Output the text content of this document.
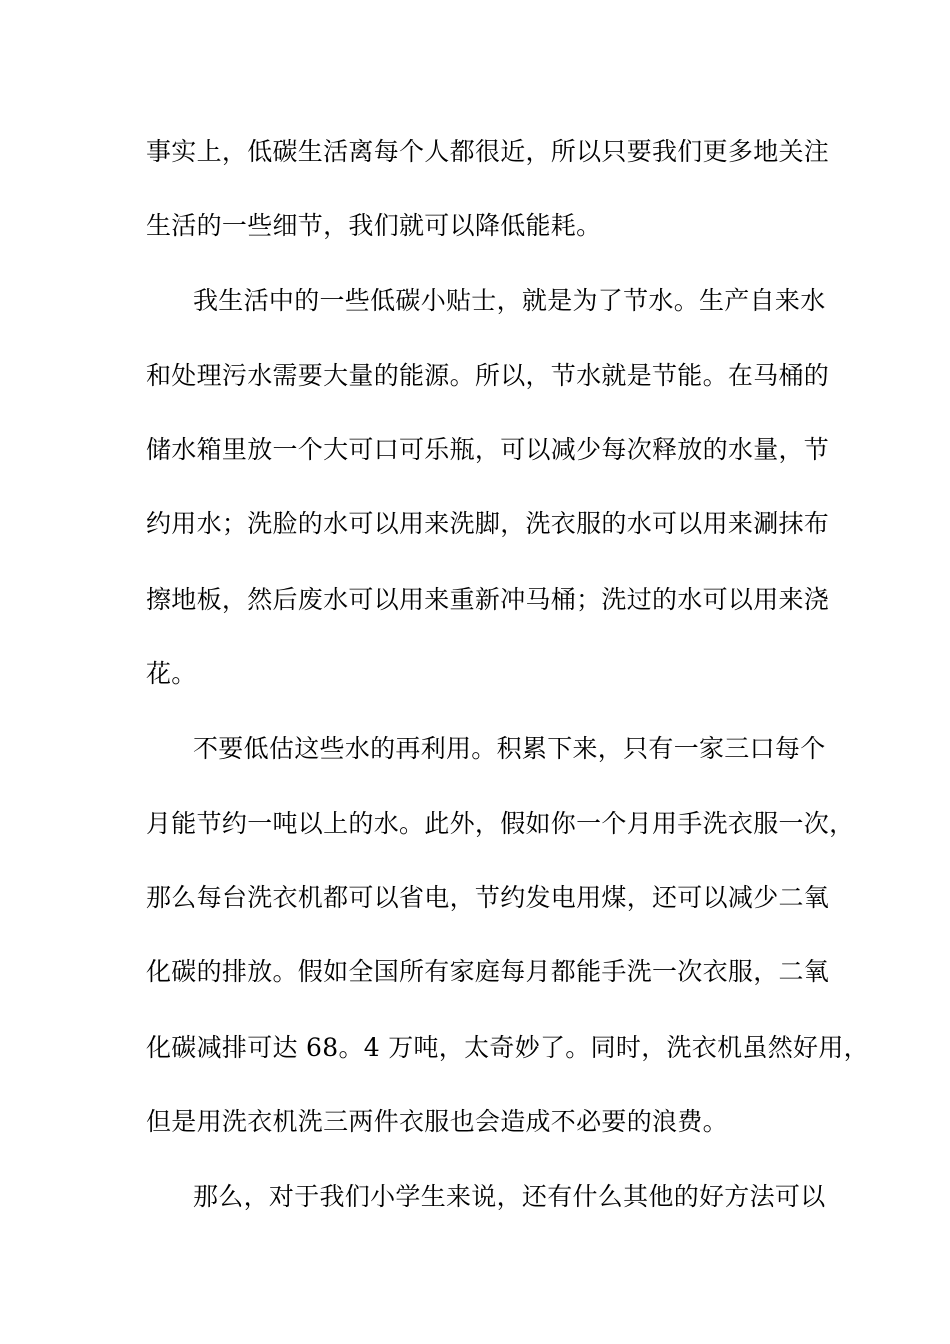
事实上，低碳生活离每个人都很近，所以只要我们更多地关注
生活的一些细节，我们就可以降低能耗。
我生活中的一些低碳小贴士，就是为了节水。生产自来水
和处理污水需要大量的能源。所以，节水就是节能。在马桶的
储水箱里放一个大可口可乐瓶，可以减少每次释放的水量，节
约用水；洗脸的水可以用来洗脚，洗衣服的水可以用来涮抹布
擦地板，然后废水可以用来重新冲马桶；洗过的水可以用来浇
花。
不要低估这些水的再利用。积累下来，只有一家三口每个
月能节约一吨以上的水。此外，假如你一个月用手洗衣服一次，
那么每台洗衣机都可以省电，节约发电用煤，还可以减少二氧
化碳的排放。假如全国所有家庭每月都能手洗一次衣服，二氧
化碳减排可达 68。4 万吨，太奇妙了。同时，洗衣机虽然好用，
但是用洗衣机洗三两件衣服也会造成不必要的浪费。
那么，对于我们小学生来说，还有什么其他的好方法可以
